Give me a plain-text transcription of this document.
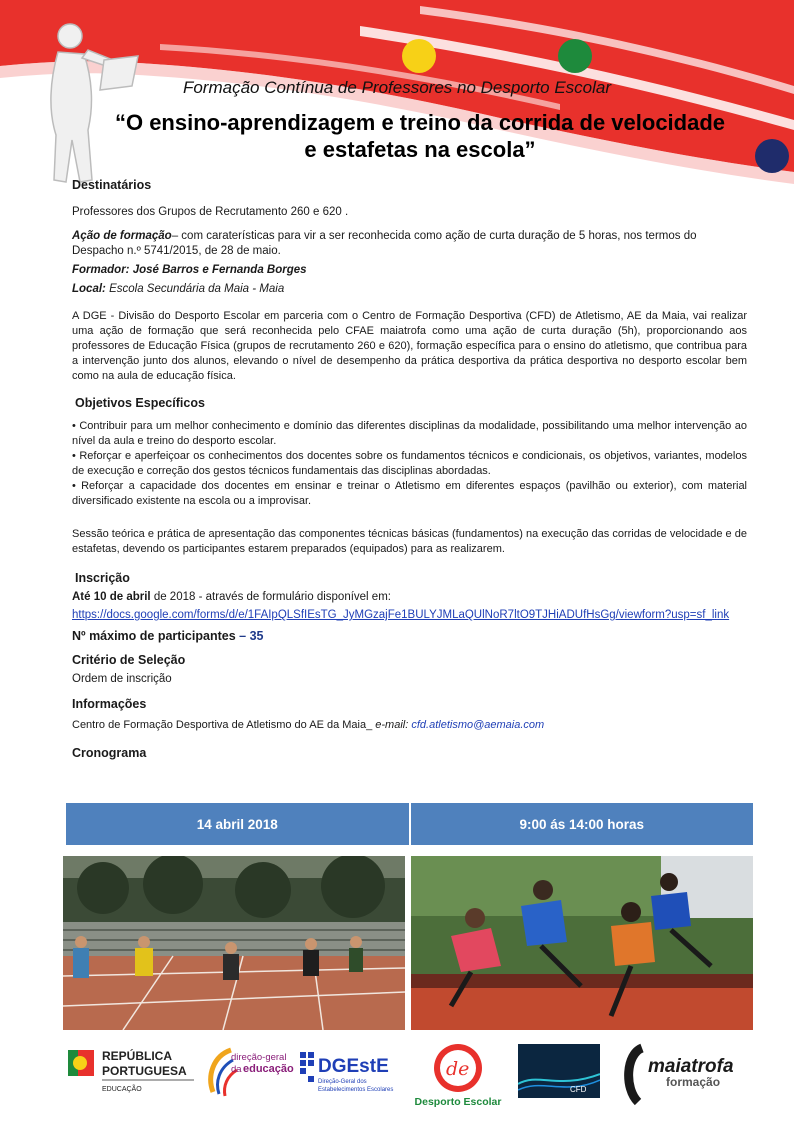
Formação Contínua de Professores no Desporto Escolar
“O ensino-aprendizagem e treino da corrida de velocidade
e estafetas na escola”

Destinatários

Professores dos Grupos de Recrutamento 260 e 620 .

Ação de formação– com caraterísticas para vir a ser reconhecida como ação de curta duração de 5 horas, nos termos do Despacho n.º 5741/2015, de 28 de maio.

Formador: José Barros e Fernanda Borges

Local: Escola Secundária da Maia - Maia

A DGE - Divisão do Desporto Escolar em parceria com o Centro de Formação Desportiva (CFD) de Atletismo, AE da Maia, vai realizar uma ação de formação que será reconhecida pelo CFAE maiatrofa como uma ação de curta duração (5h), proporcionando aos professores de Educação Física (grupos de recrutamento 260 e 620), formação específica para o ensino do atletismo, que contribua para a intervenção junto dos alunos, elevando o nível de desempenho da prática desportiva da prática desportiva no desporto escolar bem como na aula de educação física.

Objetivos Específicos

• Contribuir para um melhor conhecimento e domínio das diferentes disciplinas da modalidade, possibilitando uma melhor intervenção ao nível da aula e treino do desporto escolar.

• Reforçar e aperfeiçoar os conhecimentos dos docentes sobre os fundamentos técnicos e condicionais, os objetivos, variantes, modelos de execução e correção dos gestos técnicos fundamentais das disciplinas abordadas.

• Reforçar a capacidade dos docentes em ensinar e treinar o Atletismo em diferentes espaços (pavilhão ou exterior), com material diversificado existente na escola ou a improvisar.

Sessão teórica e prática de apresentação das componentes técnicas básicas (fundamentos) na execução das corridas de velocidade e de estafetas, devendo os participantes estarem preparados (equipados) para as realizarem.

Inscrição

Até 10 de abril de 2018 - através de formulário disponível em:

https://docs.google.com/forms/d/e/1FAIpQLSfIEsTG_JyMGzajFe1BULYJMLaQUlNoR7ltO9TJHiADUfHsGg/viewform?usp=sf_link

Nº máximo de participantes – 35

Critério de Seleção

Ordem de inscrição

Informações

Centro de Formação Desportiva de Atletismo do AE da Maia_ e-mail: cfd.atletismo@aemaia.com

Cronograma

14 abril 2018	9:00 ás 14:00 horas
REPÚBLICA
PORTUGUESA
EDUCAÇÃO
direção-geral
da educação DGEstE
Direção-Geral dos
Estabelecimentos Escolares
de
Desporto Escolar
CFD
maiatrofa
formação
